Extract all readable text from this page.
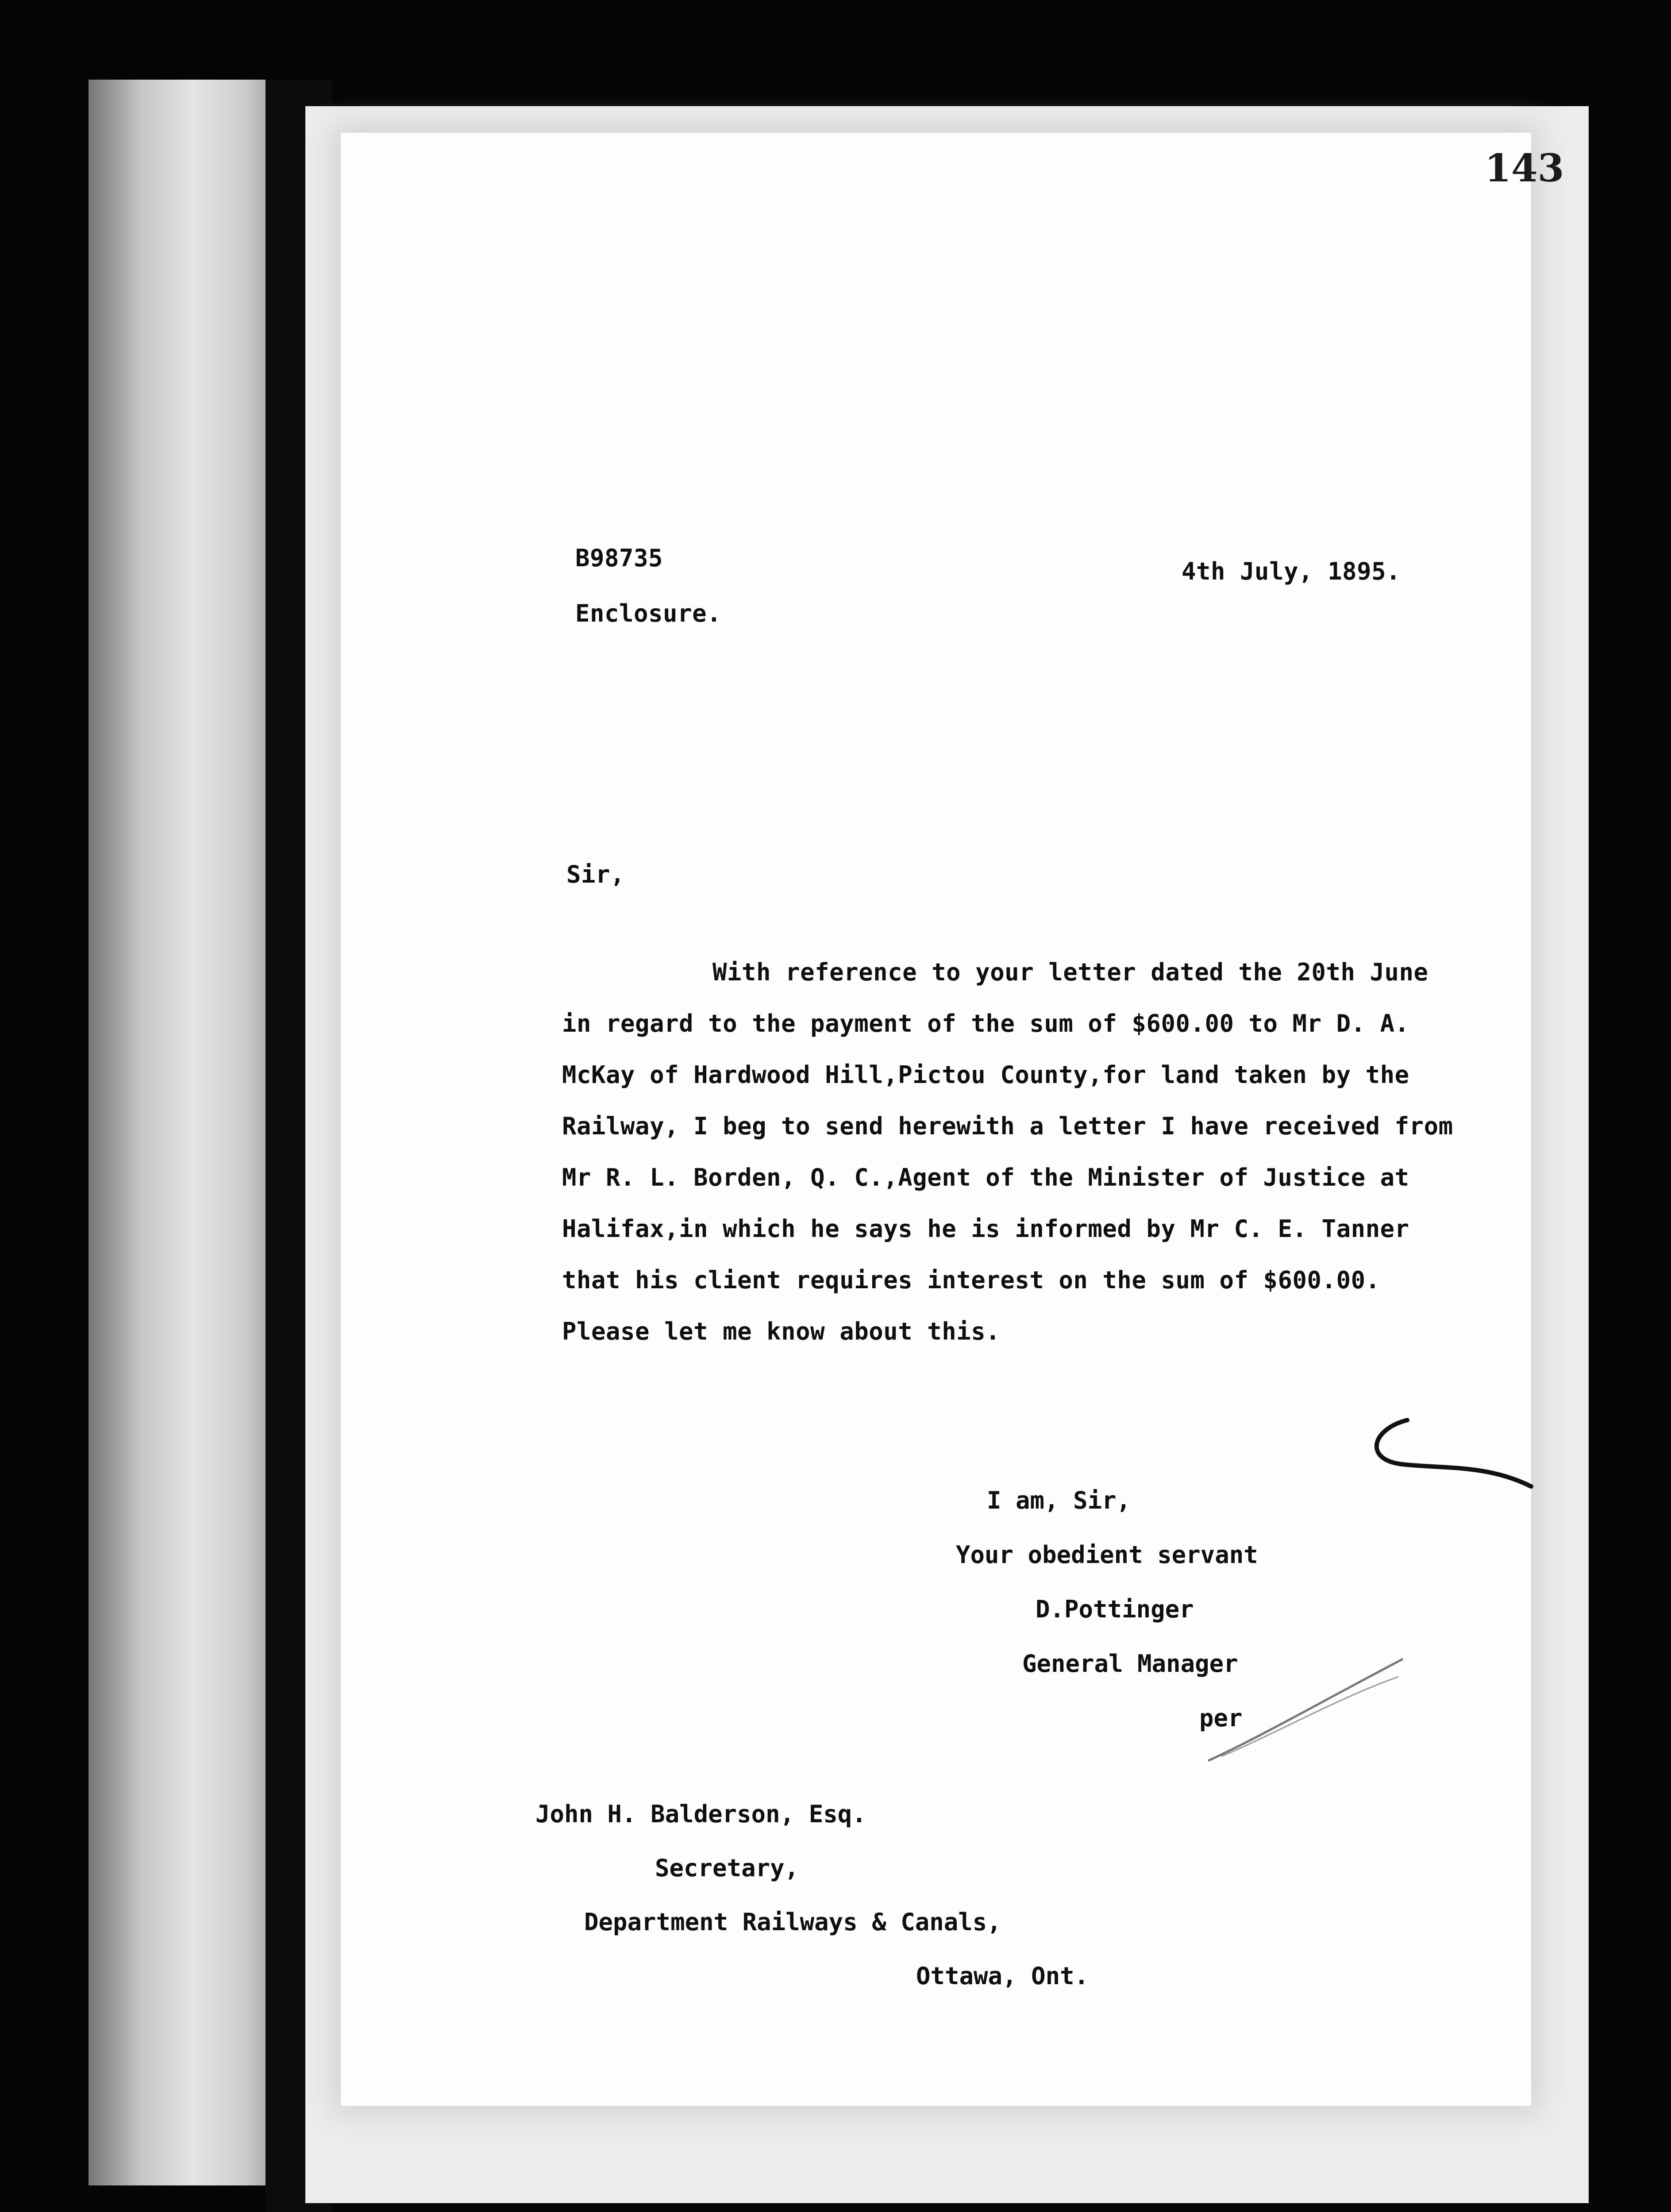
143
B98735	4th July, 1895.
Enclosure.
Sir,
With reference to your letter dated the 20th June
in regard to the payment of the sum of $600.00 to Mr D. A.
McKay of Hardwood Hill,Pictou County,for land taken by the
Railway, I beg to send herewith a letter I have received from
Mr R. L. Borden, Q. C.,Agent of the Minister of Justice at
Halifax,in which he says he is informed by Mr C. E. Tanner
that his client requires interest on the sum of $600.00.
Please let me know about this.
I am, Sir,
Your obedient servant
D.Pottinger
General Manager
per
John H. Balderson, Esq.
Secretary,
Department Railways & Canals,
Ottawa, Ont.
